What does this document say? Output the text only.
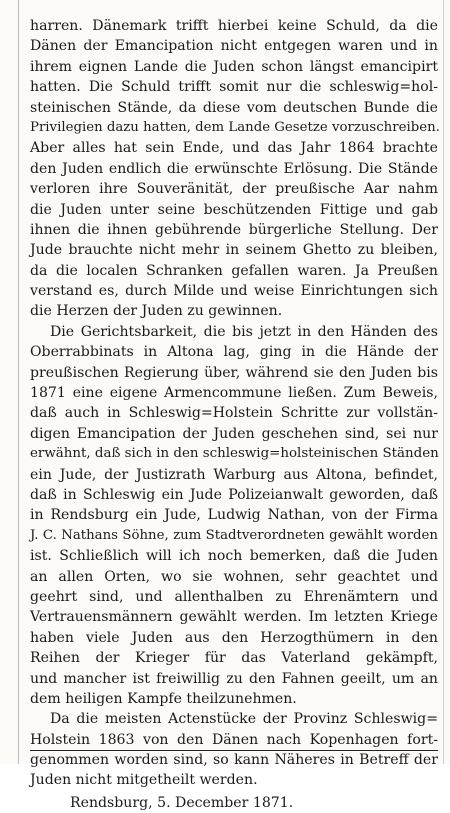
harren. Dänemark trifft hierbei keine Schuld, da die
Dänen der Emancipation nicht entgegen waren und in
ihrem eignen Lande die Juden schon längst emancipirt
hatten. Die Schuld trifft somit nur die schleswig=hol-
steinischen Stände, da diese vom deutschen Bunde die
Privilegien dazu hatten, dem Lande Gesetze vorzuschreiben.
Aber alles hat sein Ende, und das Jahr 1864 brachte
den Juden endlich die erwünschte Erlösung. Die Stände
verloren ihre Souveränität, der preußische Aar nahm
die Juden unter seine beschützenden Fittige und gab
ihnen die ihnen gebührende bürgerliche Stellung. Der
Jude brauchte nicht mehr in seinem Ghetto zu bleiben,
da die localen Schranken gefallen waren. Ja Preußen
verstand es, durch Milde und weise Einrichtungen sich
die Herzen der Juden zu gewinnen.
Die Gerichtsbarkeit, die bis jetzt in den Händen des
Oberrabbinats in Altona lag, ging in die Hände der
preußischen Regierung über, während sie den Juden bis
1871 eine eigene Armencommune ließen. Zum Beweis,
daß auch in Schleswig=Holstein Schritte zur vollstän-
digen Emancipation der Juden geschehen sind, sei nur
erwähnt, daß sich in den schleswig=holsteinischen Ständen
ein Jude, der Justizrath Warburg aus Altona, befindet,
daß in Schleswig ein Jude Polizeianwalt geworden, daß
in Rendsburg ein Jude, Ludwig Nathan, von der Firma
J. C. Nathans Söhne, zum Stadtverordneten gewählt worden
ist. Schließlich will ich noch bemerken, daß die Juden
an allen Orten, wo sie wohnen, sehr geachtet und
geehrt sind, und allenthalben zu Ehrenämtern und
Vertrauensmännern gewählt werden. Im letzten Kriege
haben viele Juden aus den Herzogthümern in den
Reihen der Krieger für das Vaterland gekämpft,
und mancher ist freiwillig zu den Fahnen geeilt, um an
dem heiligen Kampfe theilzunehmen.
Da die meisten Actenstücke der Provinz Schleswig=
Holstein 1863 von den Dänen nach Kopenhagen fort-
genommen worden sind, so kann Näheres in Betreff der
Juden nicht mitgetheilt werden.
Rendsburg, 5. December 1871.
